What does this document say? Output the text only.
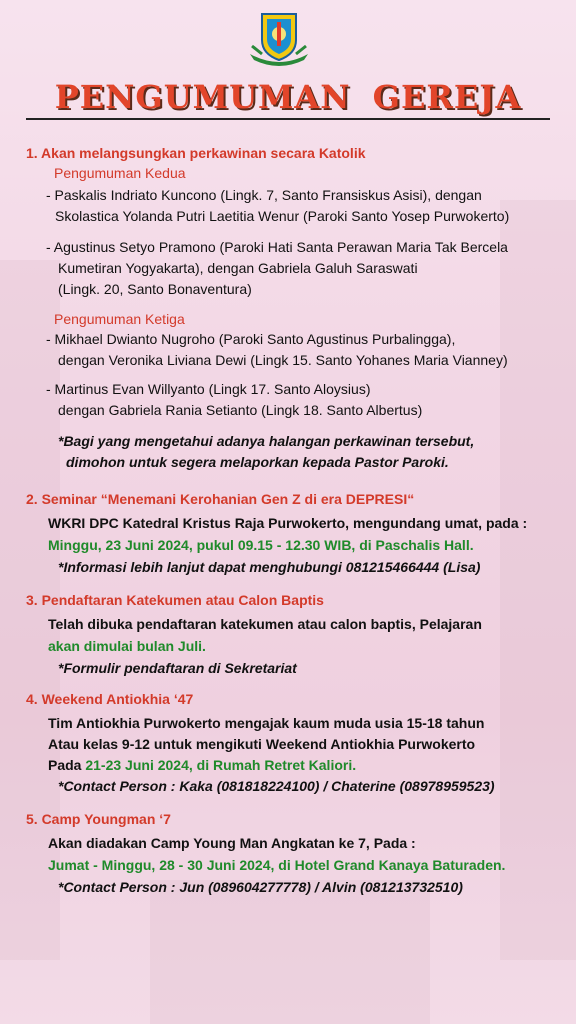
PENGUMUMAN GEREJA
1. Akan melangsungkan perkawinan secara Katolik
Pengumuman Kedua
- Paskalis Indriato Kuncono (Lingk. 7, Santo Fransiskus Asisi), dengan
Skolastica Yolanda Putri Laetitia Wenur (Paroki Santo Yosep Purwokerto)
- Agustinus Setyo Pramono (Paroki Hati Santa Perawan Maria Tak Bercela
Kumetiran Yogyakarta), dengan Gabriela Galuh Saraswati
(Lingk. 20, Santo Bonaventura)
Pengumuman Ketiga
- Mikhael Dwianto Nugroho (Paroki Santo Agustinus Purbalingga),
dengan Veronika Liviana Dewi (Lingk 15. Santo Yohanes Maria Vianney)
- Martinus Evan Willyanto (Lingk 17. Santo Aloysius)
dengan Gabriela Rania Setianto (Lingk 18. Santo Albertus)
*Bagi yang mengetahui adanya halangan perkawinan tersebut,
dimohon untuk segera melaporkan kepada Pastor Paroki.
2. Seminar “Menemani Kerohanian Gen Z di era DEPRESI“
WKRI DPC Katedral Kristus Raja Purwokerto, mengundang umat, pada :
Minggu, 23 Juni 2024, pukul 09.15 - 12.30 WIB, di Paschalis Hall.
*Informasi lebih lanjut dapat menghubungi 081215466444 (Lisa)
3. Pendaftaran Katekumen atau Calon Baptis
Telah dibuka pendaftaran katekumen atau calon baptis, Pelajaran
akan dimulai bulan Juli.
*Formulir pendaftaran di Sekretariat
4. Weekend Antiokhia ‘47
Tim Antiokhia Purwokerto mengajak kaum muda usia 15-18 tahun
Atau kelas 9-12 untuk mengikuti Weekend Antiokhia Purwokerto
Pada 21-23 Juni 2024, di Rumah Retret Kaliori.
*Contact Person : Kaka (081818224100) / Chaterine (08978959523)
5. Camp Youngman ‘7
Akan diadakan Camp Young Man Angkatan ke 7, Pada :
Jumat - Minggu, 28 - 30 Juni 2024, di Hotel Grand Kanaya Baturaden.
*Contact Person : Jun (089604277778) / Alvin (081213732510)
